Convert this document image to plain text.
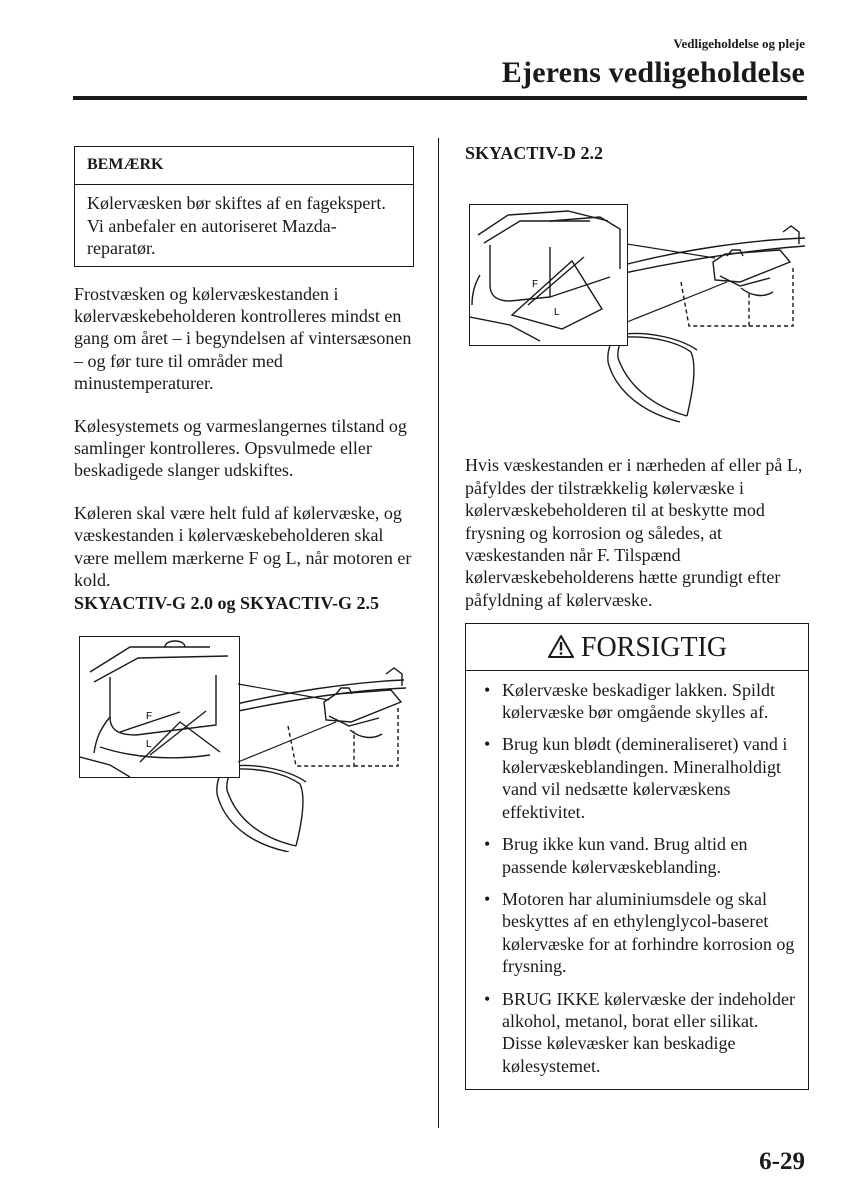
Vedligeholdelse og pleje
Ejerens vedligeholdelse
BEMÆRK
Kølervæsken bør skiftes af en fagekspert. Vi anbefaler en autoriseret Mazda-reparatør.

Frostvæsken og kølervæskestanden i kølervæskebeholderen kontrolleres mindst en gang om året – i begyndelsen af vintersæsonen – og før ture til områder med minustemperaturer.

Kølesystemets og varmeslangernes tilstand og samlinger kontrolleres. Opsvulmede eller beskadigede slanger udskiftes.

Køleren skal være helt fuld af kølervæske, og væskestanden i kølervæskebeholderen skal være mellem mærkerne F og L, når motoren er kold.

SKYACTIV-G 2.0 og SKYACTIV-G 2.5

F
L

SKYACTIV-D 2.2

L
F

Hvis væskestanden er i nærheden af eller på L, påfyldes der tilstrækkelig kølervæske i kølervæskebeholderen til at beskytte mod frysning og korrosion og således, at væskestanden når F. Tilspænd kølervæskebeholderens hætte grundigt efter påfyldning af kølervæske.

FORSIGTIG
• Kølervæske beskadiger lakken. Spildt kølervæske bør omgående skylles af.
• Brug kun blødt (demineraliseret) vand i kølervæskeblandingen. Mineralholdigt vand vil nedsætte kølervæskens effektivitet.
• Brug ikke kun vand. Brug altid en passende kølervæskeblanding.
• Motoren har aluminiumsdele og skal beskyttes af en ethylenglycol-baseret kølervæske for at forhindre korrosion og frysning.
• BRUG IKKE kølervæske der indeholder alkohol, metanol, borat eller silikat.
Disse kølevæsker kan beskadige kølesystemet.
6-29
